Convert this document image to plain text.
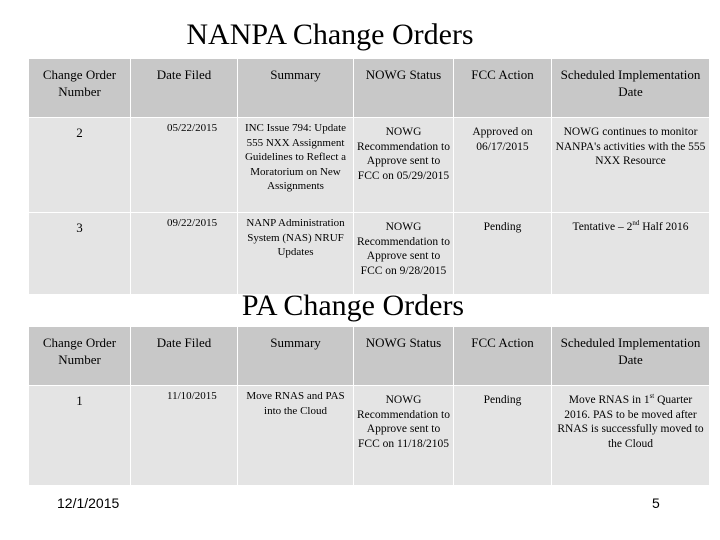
NANPA Change Orders
Change Order Number	Date Filed	Summary	NOWG Status	FCC Action	Scheduled Implementation Date
2	05/22/2015	INC Issue 794: Update 555 NXX Assignment Guidelines to Reflect a Moratorium on New Assignments	NOWG Recommendation to Approve sent to FCC on 05/29/2015	Approved on 06/17/2015	NOWG continues to monitor NANPA's activities with the 555 NXX Resource
3	09/22/2015	NANP Administration System (NAS) NRUF Updates	NOWG Recommendation to Approve sent to FCC on 9/28/2015	Pending	Tentative – 2nd Half 2016
PA Change Orders
Change Order Number	Date Filed	Summary	NOWG Status	FCC Action	Scheduled Implementation Date
1	11/10/2015	Move RNAS and PAS into the Cloud	NOWG Recommendation to Approve sent to FCC on 11/18/2105	Pending	Move RNAS in 1st Quarter 2016. PAS to be moved after RNAS is successfully moved to the Cloud
12/1/2015	5
